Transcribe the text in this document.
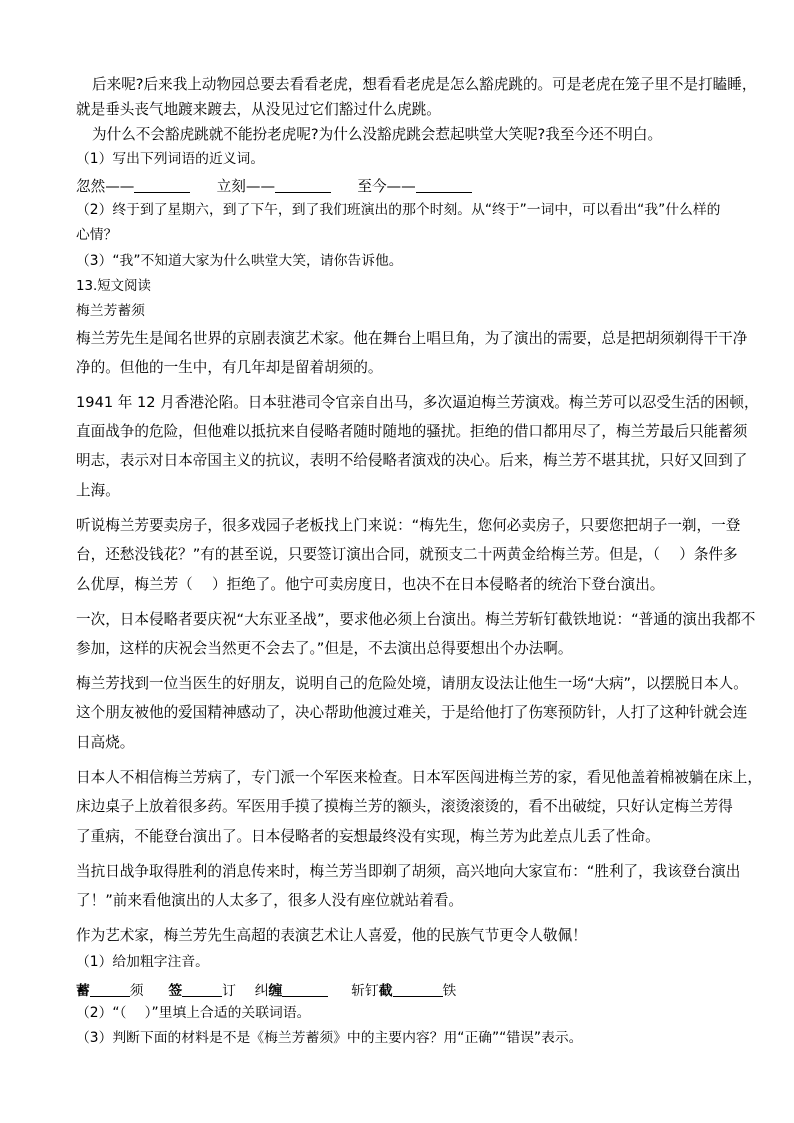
后来呢?后来我上动物园总要去看看老虎，想看看老虎是怎么豁虎跳的。可是老虎在笼子里不是打瞌睡，
就是垂头丧气地踱来踱去，从没见过它们豁过什么虎跳。
为什么不会豁虎跳就不能扮老虎呢?为什么没豁虎跳会惹起哄堂大笑呢?我至今还不明白。
（1）写出下列词语的近义词。
忽然——	立刻——	至今——
（2）终于到了星期六，到了下午，到了我们班演出的那个时刻。从“终于”一词中，可以看出“我”什么样的
心情？
（3）“我”不知道大家为什么哄堂大笑，请你告诉他。
13.短文阅读
梅兰芳蓄须
梅兰芳先生是闻名世界的京剧表演艺术家。他在舞台上唱旦角，为了演出的需要，总是把胡须剃得干干净
净的。但他的一生中，有几年却是留着胡须的。
1941 年 12 月香港沦陷。日本驻港司令官亲自出马，多次逼迫梅兰芳演戏。梅兰芳可以忍受生活的困顿，
直面战争的危险，但他难以抵抗来自侵略者随时随地的骚扰。拒绝的借口都用尽了，梅兰芳最后只能蓄须
明志，表示对日本帝国主义的抗议，表明不给侵略者演戏的决心。后来，梅兰芳不堪其扰，只好又回到了
上海。
听说梅兰芳要卖房子，很多戏园子老板找上门来说：“梅先生，您何必卖房子，只要您把胡子一剃，一登
台，还愁没钱花？”有的甚至说，只要签订演出合同，就预支二十两黄金给梅兰芳。但是，（　 ）条件多
么优厚，梅兰芳（　 ）拒绝了。他宁可卖房度日，也决不在日本侵略者的统治下登台演出。
一次，日本侵略者要庆祝“大东亚圣战”，要求他必须上台演出。梅兰芳斩钉截铁地说：“普通的演出我都不
参加，这样的庆祝会当然更不会去了。”但是，不去演出总得要想出个办法啊。
梅兰芳找到一位当医生的好朋友，说明自己的危险处境，请朋友设法让他生一场“大病”，以摆脱日本人。
这个朋友被他的爱国精神感动了，决心帮助他渡过难关，于是给他打了伤寒预防针，人打了这种针就会连
日高烧。
日本人不相信梅兰芳病了，专门派一个军医来检查。日本军医闯进梅兰芳的家，看见他盖着棉被躺在床上，
床边桌子上放着很多药。军医用手摸了摸梅兰芳的额头，滚烫滚烫的，看不出破绽，只好认定梅兰芳得
了重病，不能登台演出了。日本侵略者的妄想最终没有实现，梅兰芳为此差点儿丢了性命。
当抗日战争取得胜利的消息传来时，梅兰芳当即剃了胡须，高兴地向大家宣布：“胜利了，我该登台演出
了！”前来看他演出的人太多了，很多人没有座位就站着看。
作为艺术家，梅兰芳先生高超的表演艺术让人喜爱，他的民族气节更令人敬佩！
（1）给加粗字注音。
蓄	须 签	订 纠缠	斩钉截	铁
（2）“（　 ）”里填上合适的关联词语。
（3）判断下面的材料是不是《梅兰芳蓄须》中的主要内容？用“正确”“错误”表示。
